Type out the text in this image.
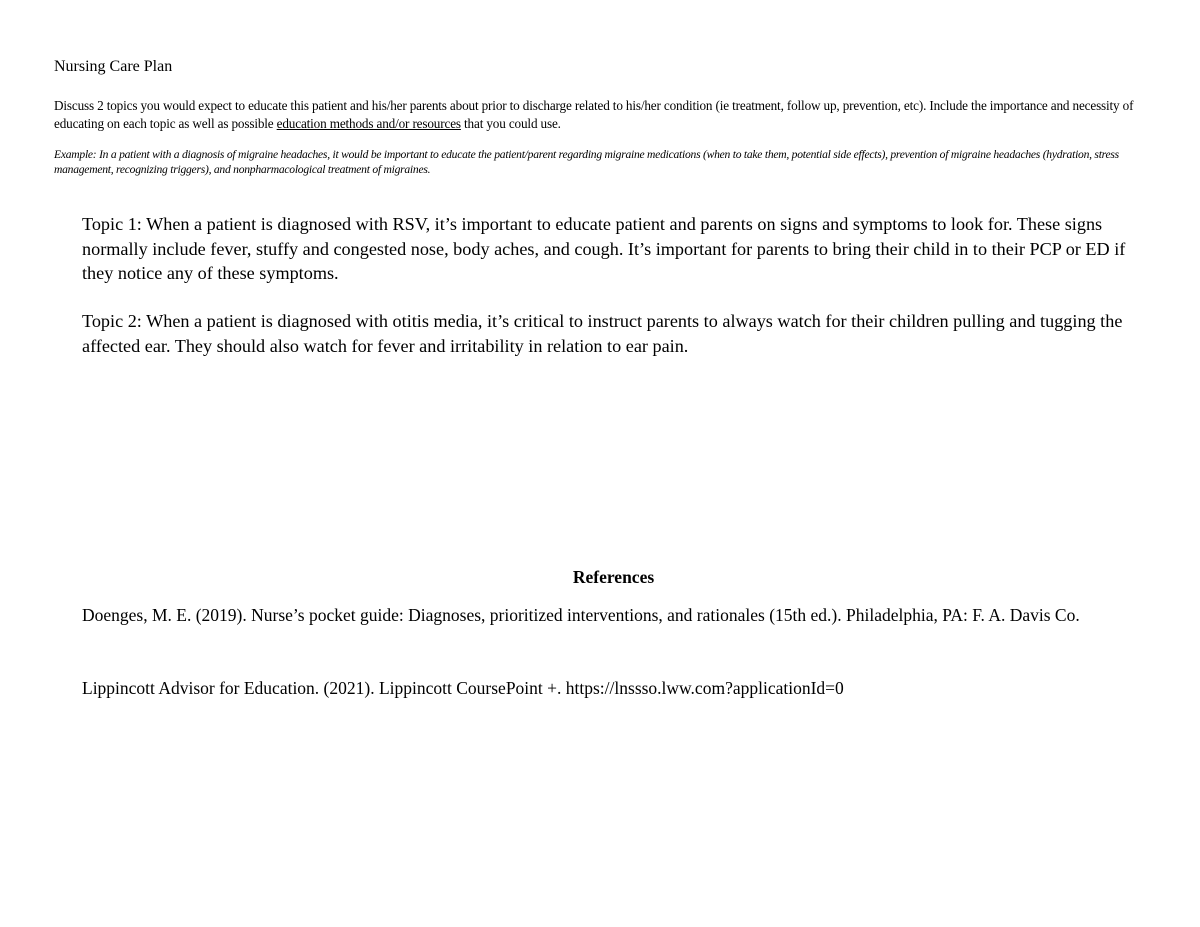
Nursing Care Plan
Discuss 2 topics you would expect to educate this patient and his/her parents about prior to discharge related to his/her condition (ie treatment, follow up, prevention, etc). Include the importance and necessity of educating on each topic as well as possible education methods and/or resources that you could use.
Example: In a patient with a diagnosis of migraine headaches, it would be important to educate the patient/parent regarding migraine medications (when to take them, potential side effects), prevention of migraine headaches (hydration, stress management, recognizing triggers), and nonpharmacological treatment of migraines.
Topic 1: When a patient is diagnosed with RSV, it’s important to educate patient and parents on signs and symptoms to look for. These signs normally include fever, stuffy and congested nose, body aches, and cough. It’s important for parents to bring their child in to their PCP or ED if they notice any of these symptoms.
Topic 2: When a patient is diagnosed with otitis media, it’s critical to instruct parents to always watch for their children pulling and tugging the affected ear. They should also watch for fever and irritability in relation to ear pain.
References
Doenges, M. E. (2019). Nurse’s pocket guide: Diagnoses, prioritized interventions, and rationales (15th ed.). Philadelphia, PA: F. A. Davis Co.
Lippincott Advisor for Education. (2021). Lippincott CoursePoint +. https://lnssso.lww.com?applicationId=0
